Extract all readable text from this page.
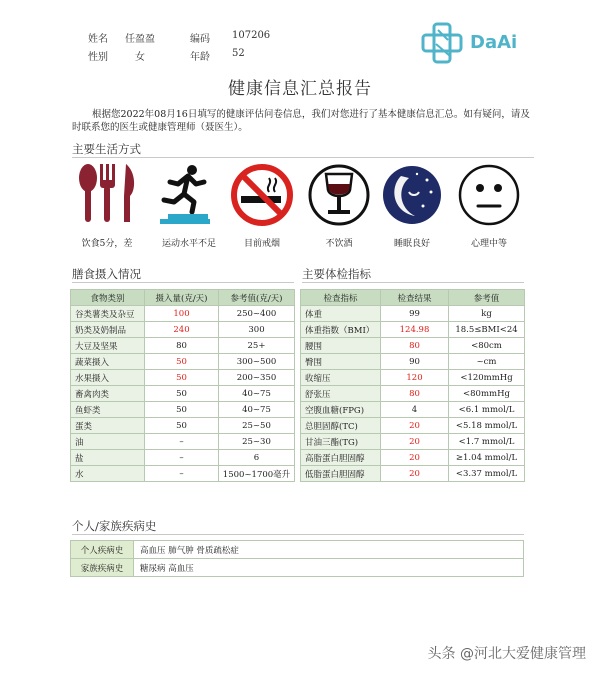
姓名 任盈盈	编码 107206
性别	女	年龄 52
DaAi
健康信息汇总报告
根据您2022年08月16日填写的健康评估问卷信息，我们对您进行了基本健康信息汇总。如有疑问，请及时联系您的医生或健康管理师（聂医生）。
主要生活方式
饮食5分，差	运动水平不足	目前戒烟	不饮酒	睡眠良好	心理中等
膳食摄入情况
食物类别	摄入量(克/天)	参考值(克/天)
谷类薯类及杂豆	100	250~400
奶类及奶制品	240	300
大豆及坚果	80	25+
蔬菜摄入	50	300~500
水果摄入	50	200~350
畜禽肉类	50	40~75
鱼虾类	50	40~75
蛋类	50	25~50
油	–	25~30
盐	–	6
水	–	1500~1700毫升
主要体检指标
检查指标	检查结果	参考值
体重	99	kg
体重指数（BMI）	124.98	18.5≤BMI<24
腰围	80	<80cm
臀围	90	~cm
收缩压	120	<120mmHg
舒张压	80	<80mmHg
空腹血糖(FPG)	4	<6.1 mmol/L
总胆固醇(TC)	20	<5.18 mmol/L
甘油三酯(TG)	20	<1.7 mmol/L
高脂蛋白胆固醇	20	≥1.04 mmol/L
低脂蛋白胆固醇	20	<3.37 mmol/L
个人/家族疾病史
个人疾病史	高血压 肺气肿 骨质疏松症
家族疾病史	糖尿病 高血压
头条 @河北大爱健康管理
